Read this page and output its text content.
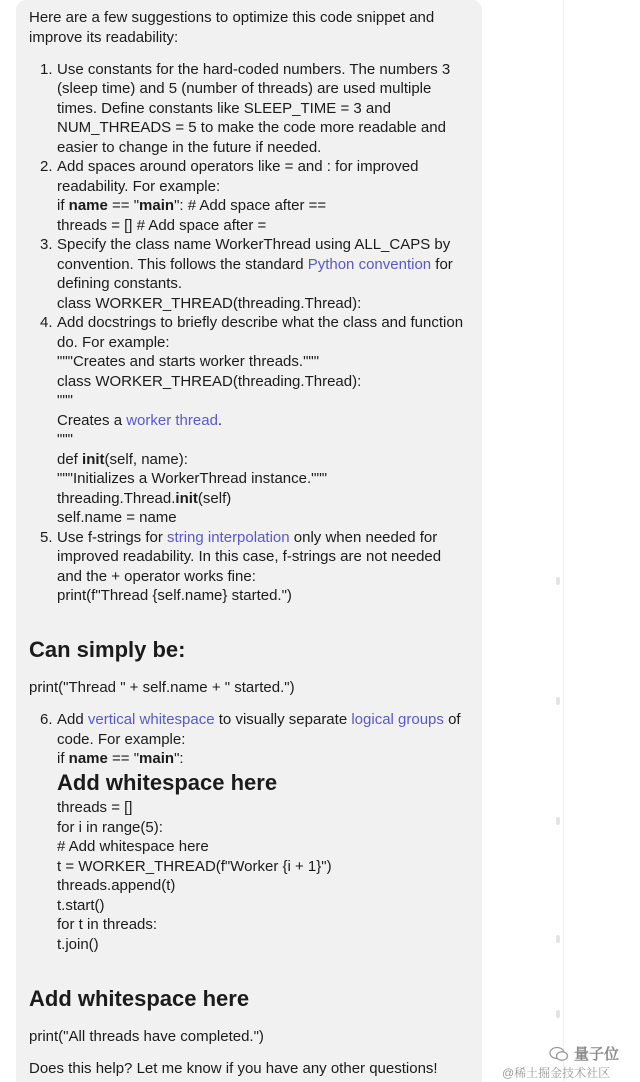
Here are a few suggestions to optimize this code snippet and
improve its readability:
1. Use constants for the hard-coded numbers. The numbers 3
(sleep time) and 5 (number of threads) are used multiple
times. Define constants like SLEEP_TIME = 3 and
NUM_THREADS = 5 to make the code more readable and
easier to change in the future if needed.
2. Add spaces around operators like = and : for improved
readability. For example:
if name == "main": # Add space after ==
threads = [] # Add space after =
3. Specify the class name WorkerThread using ALL_CAPS by
convention. This follows the standard Python convention for
defining constants.
class WORKER_THREAD(threading.Thread):
4. Add docstrings to briefly describe what the class and function
do. For example:
"""Creates and starts worker threads."""
class WORKER_THREAD(threading.Thread):
"""
Creates a worker thread.
"""
def init(self, name):
"""Initializes a WorkerThread instance."""
threading.Thread.init(self)
self.name = name
5. Use f-strings for string interpolation only when needed for
improved readability. In this case, f-strings are not needed
and the + operator works fine:
print(f"Thread {self.name} started.")
Can simply be:
print("Thread " + self.name + " started.")
6. Add vertical whitespace to visually separate logical groups of
code. For example:
if name == "main":
Add whitespace here
threads = []
for i in range(5):
# Add whitespace here
t = WORKER_THREAD(f"Worker {i + 1}")
threads.append(t)
t.start()
for t in threads:
t.join()
Add whitespace here
print("All threads have completed.")
Does this help? Let me know if you have any other questions!
量子位
@稀土掘金技术社区
